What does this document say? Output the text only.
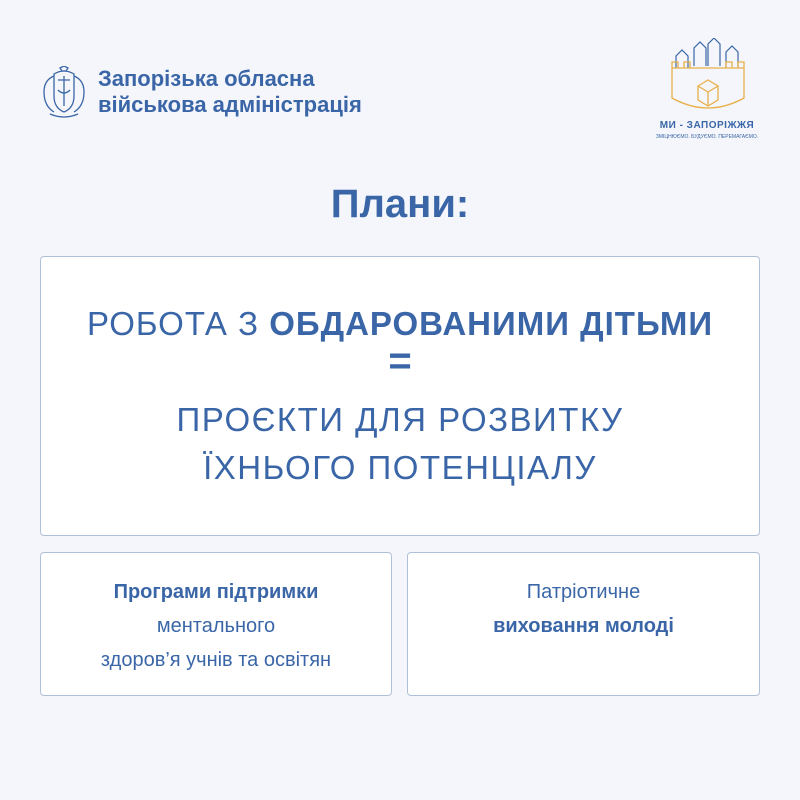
Запорізька обласна
військова адміністрація
МИ - ЗАПОРІЖЖЯ
ЗМІЦНЮЄМО. БУДУЄМО. ПЕРЕМАГАЄМО.
Плани:
РОБОТА З ОБДАРОВАНИМИ ДІТЬМИ
=
ПРОЄКТИ ДЛЯ РОЗВИТКУ
ЇХНЬОГО ПОТЕНЦІАЛУ
Програми підтримки
ментального
здоров’я учнів та освітян
Патріотичне
виховання молоді
